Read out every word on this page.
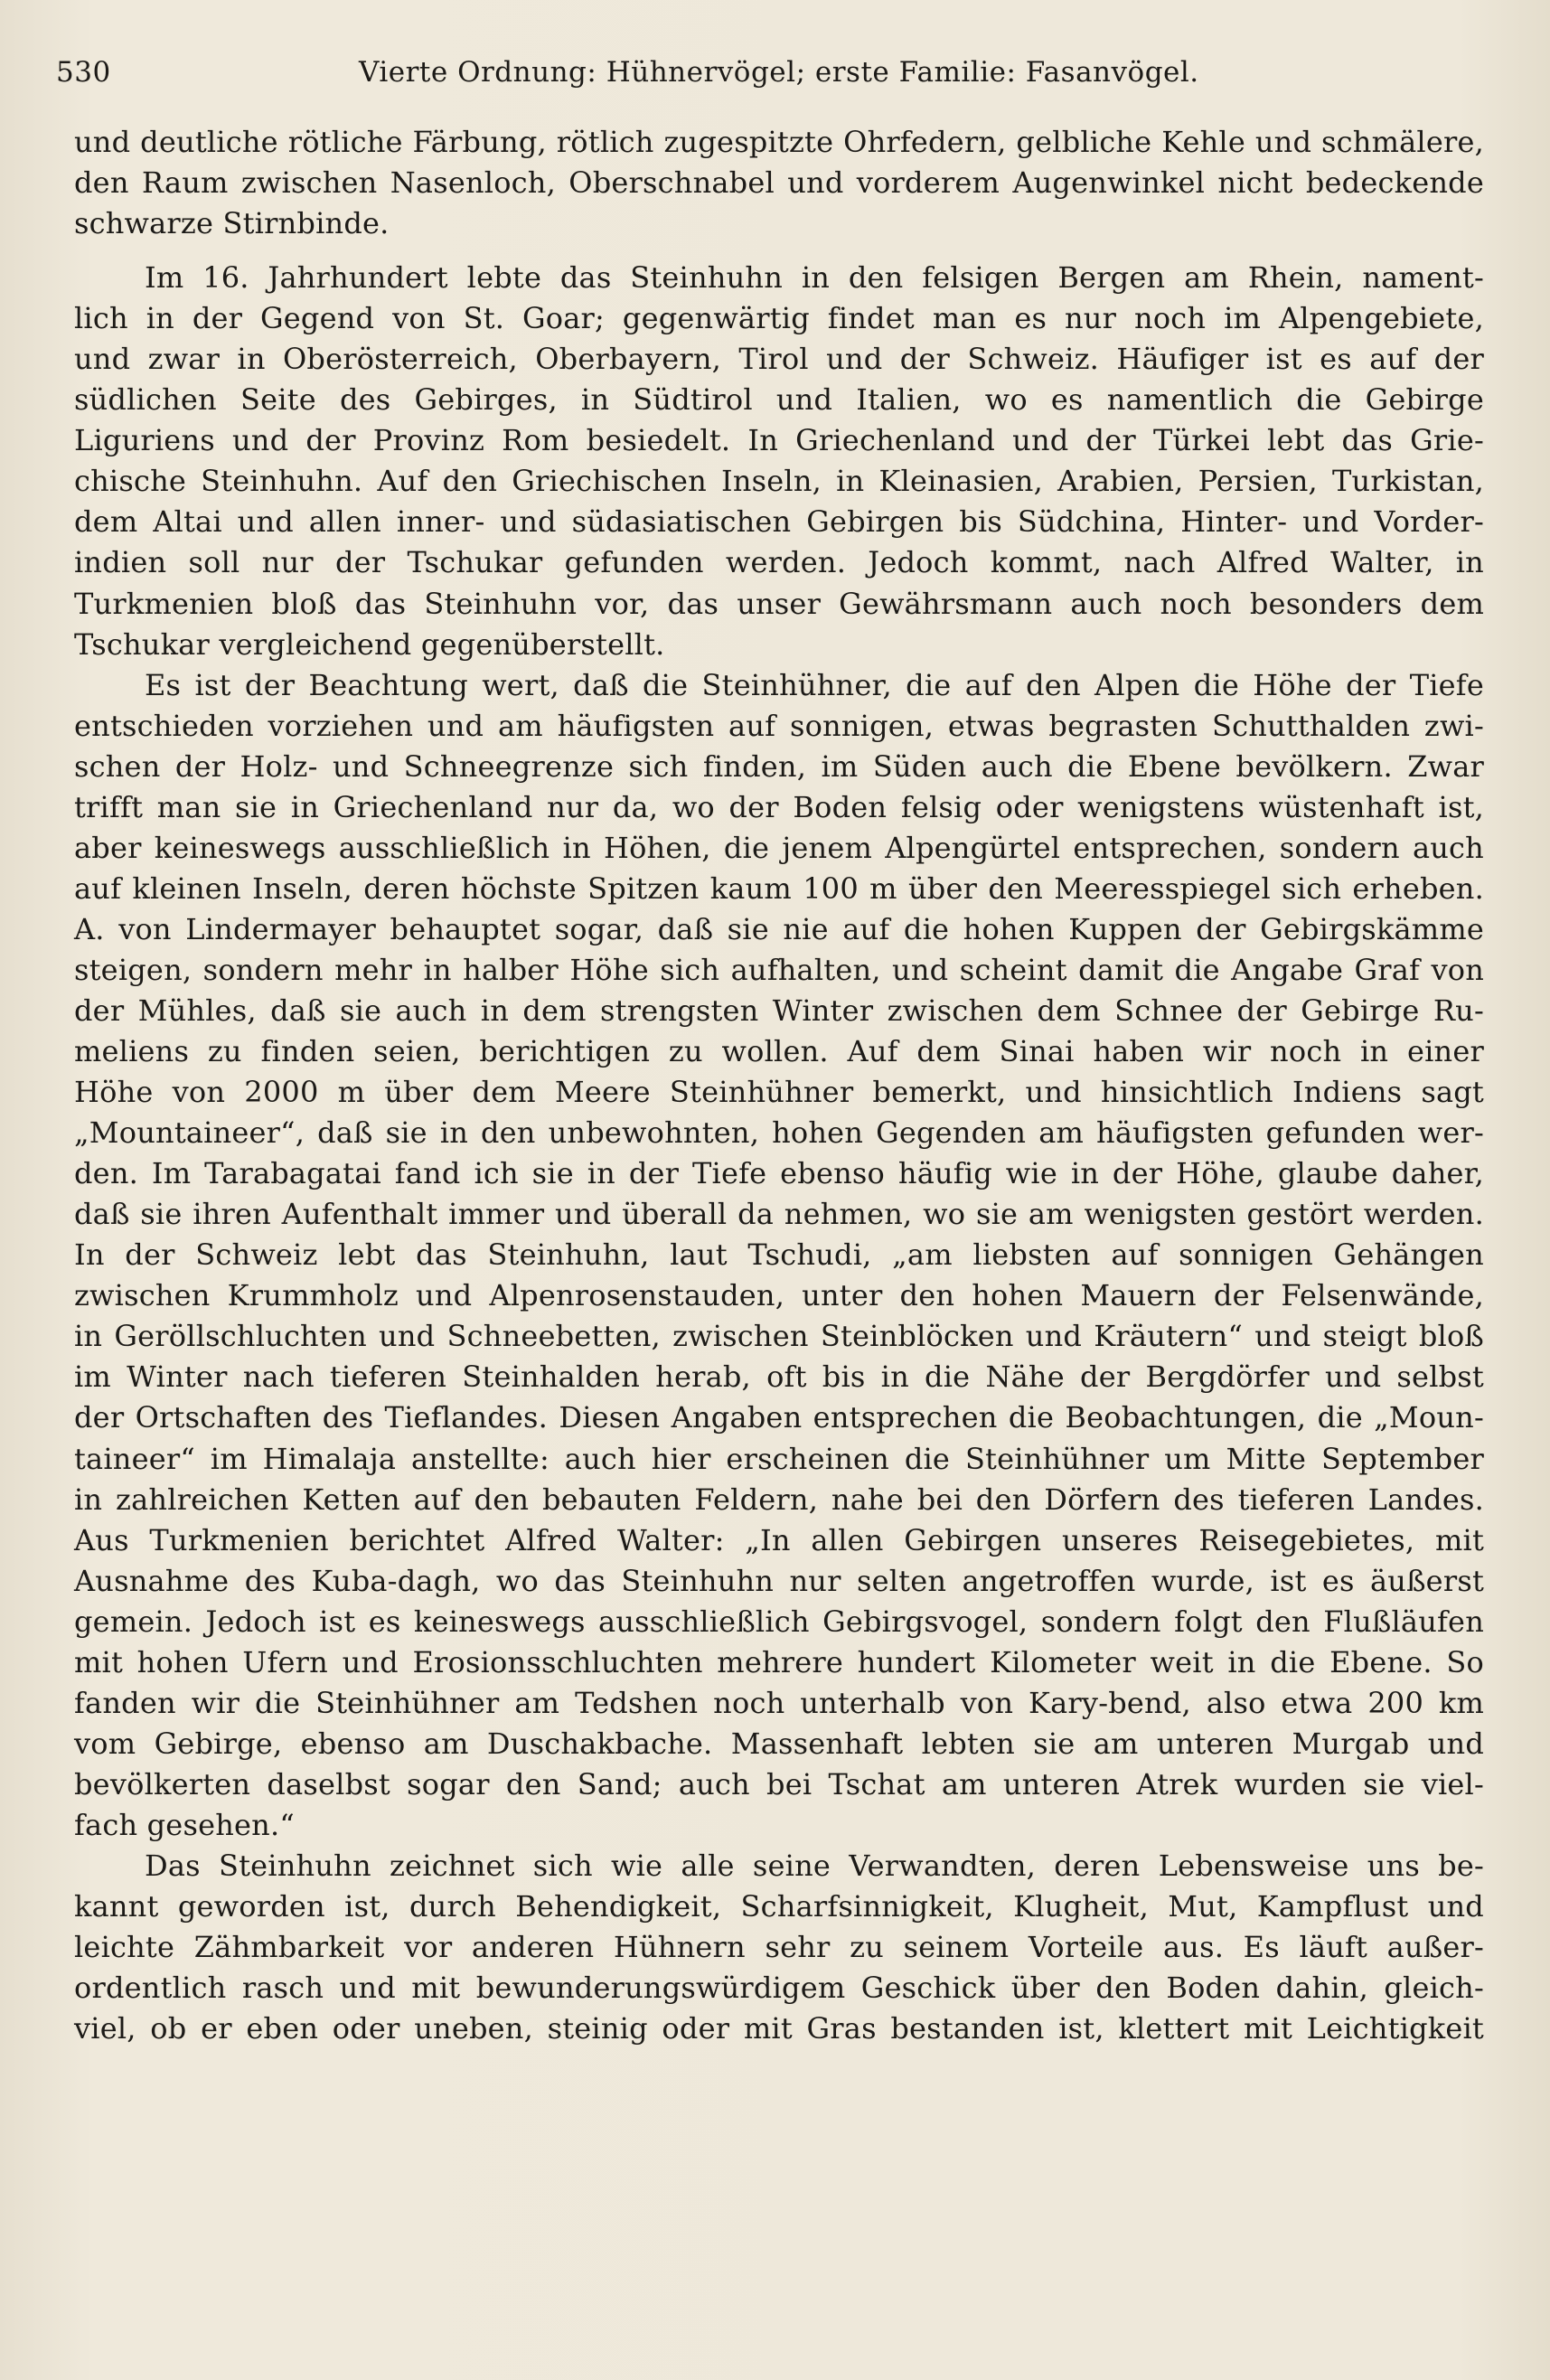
530	Vierte Ordnung: Hühnervögel; erste Familie: Fasanvögel.

und deutliche rötliche Färbung, rötlich zugespitzte Ohrfedern, gelbliche Kehle und schmälere,
den Raum zwischen Nasenloch, Oberschnabel und vorderem Augenwinkel nicht bedeckende
schwarze Stirnbinde.

Im 16. Jahrhundert lebte das Steinhuhn in den felsigen Bergen am Rhein, nament-
lich in der Gegend von St. Goar; gegenwärtig findet man es nur noch im Alpengebiete,
und zwar in Oberösterreich, Oberbayern, Tirol und der Schweiz. Häufiger ist es auf der
südlichen Seite des Gebirges, in Südtirol und Italien, wo es namentlich die Gebirge
Liguriens und der Provinz Rom besiedelt. In Griechenland und der Türkei lebt das Grie-
chische Steinhuhn. Auf den Griechischen Inseln, in Kleinasien, Arabien, Persien, Turkistan,
dem Altai und allen inner- und südasiatischen Gebirgen bis Südchina, Hinter- und Vorder-
indien soll nur der Tschukar gefunden werden. Jedoch kommt, nach Alfred Walter, in
Turkmenien bloß das Steinhuhn vor, das unser Gewährsmann auch noch besonders dem
Tschukar vergleichend gegenüberstellt.

Es ist der Beachtung wert, daß die Steinhühner, die auf den Alpen die Höhe der Tiefe
entschieden vorziehen und am häufigsten auf sonnigen, etwas begrasten Schutthalden zwi-
schen der Holz- und Schneegrenze sich finden, im Süden auch die Ebene bevölkern. Zwar
trifft man sie in Griechenland nur da, wo der Boden felsig oder wenigstens wüstenhaft ist,
aber keineswegs ausschließlich in Höhen, die jenem Alpengürtel entsprechen, sondern auch
auf kleinen Inseln, deren höchste Spitzen kaum 100 m über den Meeresspiegel sich erheben.
A. von Lindermayer behauptet sogar, daß sie nie auf die hohen Kuppen der Gebirgskämme
steigen, sondern mehr in halber Höhe sich aufhalten, und scheint damit die Angabe Graf von
der Mühles, daß sie auch in dem strengsten Winter zwischen dem Schnee der Gebirge Ru-
meliens zu finden seien, berichtigen zu wollen. Auf dem Sinai haben wir noch in einer
Höhe von 2000 m über dem Meere Steinhühner bemerkt, und hinsichtlich Indiens sagt
„Mountaineer“, daß sie in den unbewohnten, hohen Gegenden am häufigsten gefunden wer-
den. Im Tarabagatai fand ich sie in der Tiefe ebenso häufig wie in der Höhe, glaube daher,
daß sie ihren Aufenthalt immer und überall da nehmen, wo sie am wenigsten gestört werden.
In der Schweiz lebt das Steinhuhn, laut Tschudi, „am liebsten auf sonnigen Gehängen
zwischen Krummholz und Alpenrosenstauden, unter den hohen Mauern der Felsenwände,
in Geröllschluchten und Schneebetten, zwischen Steinblöcken und Kräutern“ und steigt bloß
im Winter nach tieferen Steinhalden herab, oft bis in die Nähe der Bergdörfer und selbst
der Ortschaften des Tieflandes. Diesen Angaben entsprechen die Beobachtungen, die „Moun-
taineer“ im Himalaja anstellte: auch hier erscheinen die Steinhühner um Mitte September
in zahlreichen Ketten auf den bebauten Feldern, nahe bei den Dörfern des tieferen Landes.
Aus Turkmenien berichtet Alfred Walter: „In allen Gebirgen unseres Reisegebietes, mit
Ausnahme des Kuba-dagh, wo das Steinhuhn nur selten angetroffen wurde, ist es äußerst
gemein. Jedoch ist es keineswegs ausschließlich Gebirgsvogel, sondern folgt den Flußläufen
mit hohen Ufern und Erosionsschluchten mehrere hundert Kilometer weit in die Ebene. So
fanden wir die Steinhühner am Tedshen noch unterhalb von Kary-bend, also etwa 200 km
vom Gebirge, ebenso am Duschakbache. Massenhaft lebten sie am unteren Murgab und
bevölkerten daselbst sogar den Sand; auch bei Tschat am unteren Atrek wurden sie viel-
fach gesehen.“

Das Steinhuhn zeichnet sich wie alle seine Verwandten, deren Lebensweise uns be-
kannt geworden ist, durch Behendigkeit, Scharfsinnigkeit, Klugheit, Mut, Kampflust und
leichte Zähmbarkeit vor anderen Hühnern sehr zu seinem Vorteile aus. Es läuft außer-
ordentlich rasch und mit bewunderungswürdigem Geschick über den Boden dahin, gleich-
viel, ob er eben oder uneben, steinig oder mit Gras bestanden ist, klettert mit Leichtigkeit
